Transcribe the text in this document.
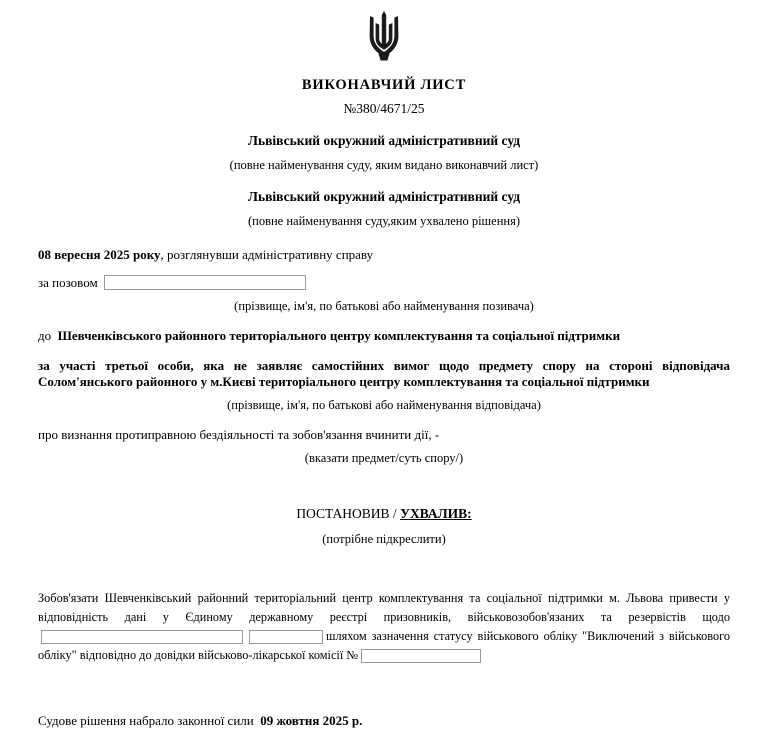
ВИКОНАВЧИЙ ЛИСТ
№380/4671/25
Львівський окружний адміністративний суд
(повне найменування суду, яким видано виконавчий лист)
Львівський окружний адміністративний суд
(повне найменування суду,яким ухвалено рішення)
08 вересня 2025 року, розглянувши адміністративну справу
за позовом
(прізвище, ім'я, по батькові або найменування позивача)
до Шевченківського районного територіального центру комплектування та соціальної підтримки
за участі третьої особи, яка не заявляє самостійних вимог щодо предмету спору на стороні відповідача Солом'янського районного у м.Києві територіального центру комплектування та соціальної підтримки
(прізвище, ім'я, по батькові або найменування відповідача)
про визнання протиправною бездіяльності та зобов'язання вчинити дії, -
(вказати предмет/суть спору/)
ПОСТАНОВИВ / УХВАЛИВ:
(потрібне підкреслити)
Зобов'язати Шевченківський районний територіальний центр комплектування та соціальної підтримки м. Львова привести у відповідність дані у Єдиному державному реєстрі призовників, військовозобов'язаних та резервістів щодошляхом зазначення статусу військового обліку "Виключений з військового обліку" відповідно до довідки військово-лікарської комісії №
Судове рішення набрало законної сили 09 жовтня 2025 р.
